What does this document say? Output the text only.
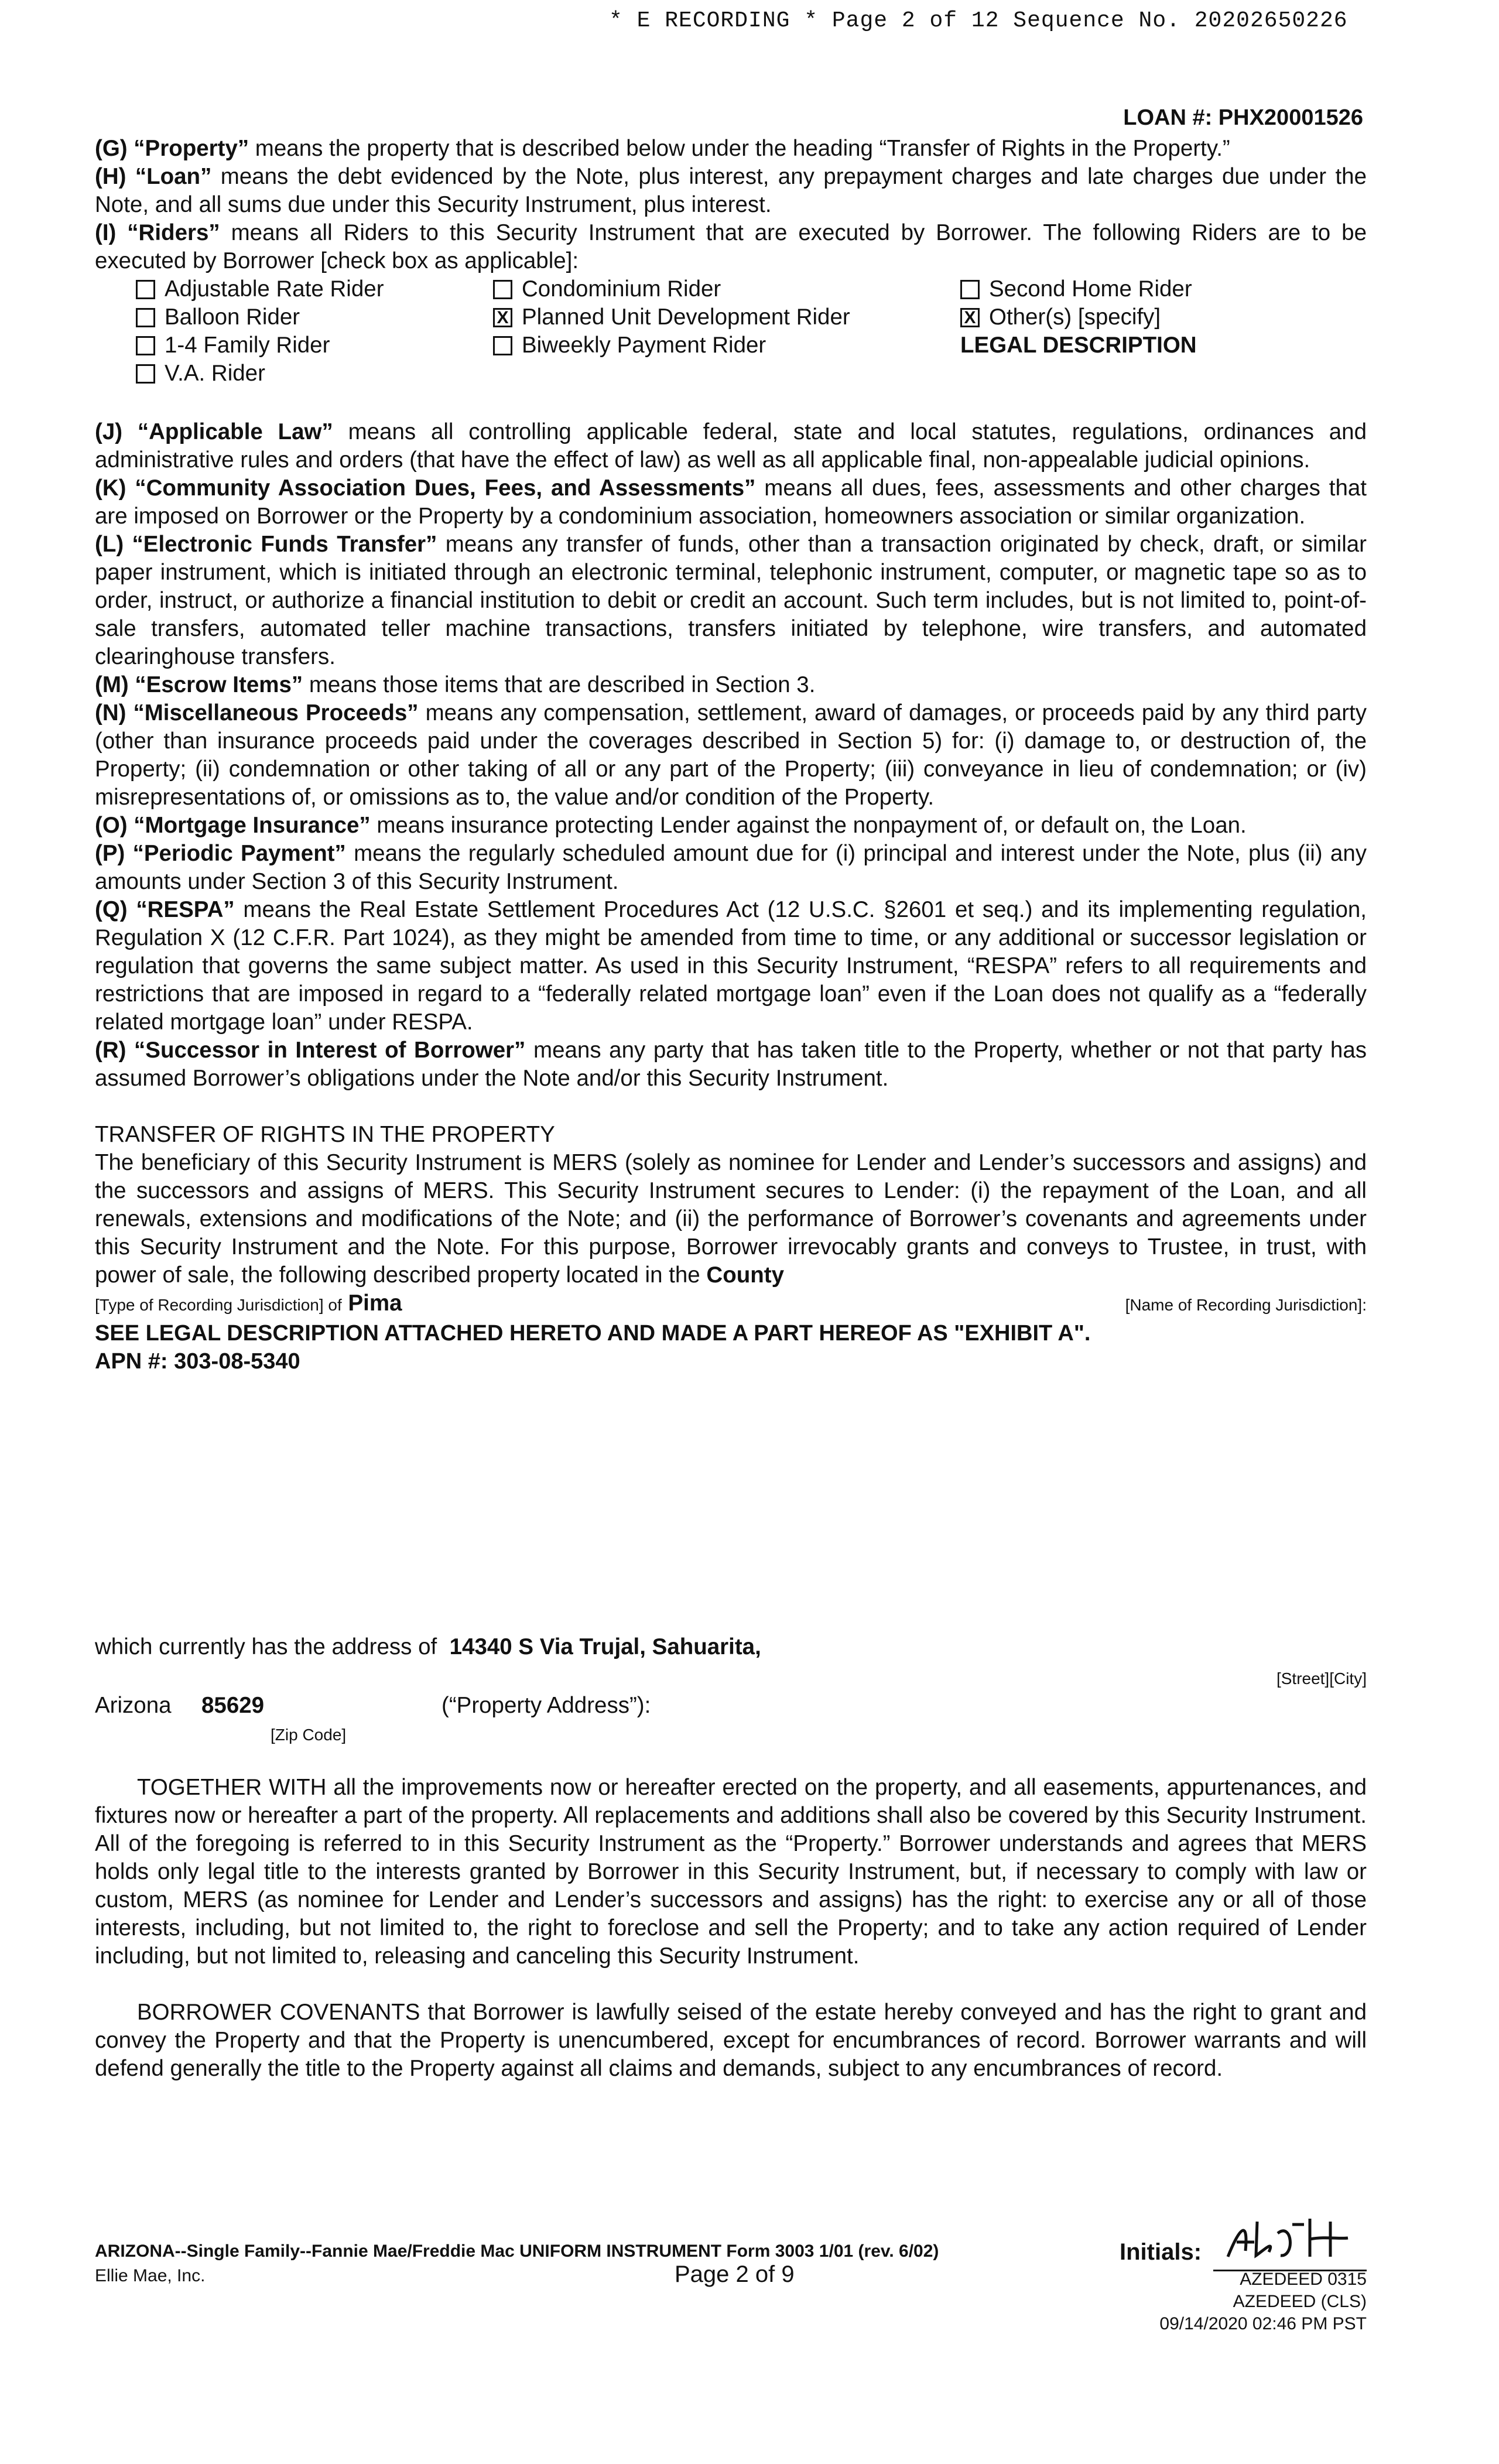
* E RECORDING * Page 2 of 12 Sequence No. 20202650226
LOAN #: PHX20001526

(G) “Property” means the property that is described below under the heading “Transfer of Rights in the Property.”

(H) “Loan” means the debt evidenced by the Note, plus interest, any prepayment charges and late charges due under the Note, and all sums due under this Security Instrument, plus interest.

(I) “Riders” means all Riders to this Security Instrument that are executed by Borrower. The following Riders are to be executed by Borrower [check box as applicable]:

Adjustable Rate Rider	Condominium Rider	Second Home Rider
Balloon Rider	X Planned Unit Development Rider	X Other(s) [specify]
1-4 Family Rider	Biweekly Payment Rider	LEGAL DESCRIPTION
V.A. Rider

(J) “Applicable Law” means all controlling applicable federal, state and local statutes, regulations, ordinances and administrative rules and orders (that have the effect of law) as well as all applicable final, non-appealable judicial opinions.

(K) “Community Association Dues, Fees, and Assessments” means all dues, fees, assessments and other charges that are imposed on Borrower or the Property by a condominium association, homeowners association or similar organization.

(L) “Electronic Funds Transfer” means any transfer of funds, other than a transaction originated by check, draft, or similar paper instrument, which is initiated through an electronic terminal, telephonic instrument, computer, or magnetic tape so as to order, instruct, or authorize a financial institution to debit or credit an account. Such term includes, but is not limited to, point-of-sale transfers, automated teller machine transactions, transfers initiated by telephone, wire transfers, and automated clearinghouse transfers.

(M) “Escrow Items” means those items that are described in Section 3.

(N) “Miscellaneous Proceeds” means any compensation, settlement, award of damages, or proceeds paid by any third party (other than insurance proceeds paid under the coverages described in Section 5) for: (i) damage to, or destruction of, the Property; (ii) condemnation or other taking of all or any part of the Property; (iii) conveyance in lieu of condemnation; or (iv) misrepresentations of, or omissions as to, the value and/or condition of the Property.

(O) “Mortgage Insurance” means insurance protecting Lender against the nonpayment of, or default on, the Loan.

(P) “Periodic Payment” means the regularly scheduled amount due for (i) principal and interest under the Note, plus (ii) any amounts under Section 3 of this Security Instrument.

(Q) “RESPA” means the Real Estate Settlement Procedures Act (12 U.S.C. §2601 et seq.) and its implementing regulation, Regulation X (12 C.F.R. Part 1024), as they might be amended from time to time, or any additional or successor legislation or regulation that governs the same subject matter. As used in this Security Instrument, “RESPA” refers to all requirements and restrictions that are imposed in regard to a “federally related mortgage loan” even if the Loan does not qualify as a “federally related mortgage loan” under RESPA.

(R) “Successor in Interest of Borrower” means any party that has taken title to the Property, whether or not that party has assumed Borrower’s obligations under the Note and/or this Security Instrument.

TRANSFER OF RIGHTS IN THE PROPERTY

The beneficiary of this Security Instrument is MERS (solely as nominee for Lender and Lender’s successors and assigns) and the successors and assigns of MERS. This Security Instrument secures to Lender: (i) the repayment of the Loan, and all renewals, extensions and modifications of the Note; and (ii) the performance of Borrower’s covenants and agreements under this Security Instrument and the Note. For this purpose, Borrower irrevocably grants and conveys to Trustee, in trust, with power of sale, the following described property located in the County

[Type of Recording Jurisdiction] of Pima	[Name of Recording Jurisdiction]:

SEE LEGAL DESCRIPTION ATTACHED HERETO AND MADE A PART HEREOF AS "EXHIBIT A".

APN #: 303-08-5340

which currently has the address of 14340 S Via Trujal, Sahuarita,
[Street][City]
Arizona 85629	(“Property Address”):
[Zip Code]

TOGETHER WITH all the improvements now or hereafter erected on the property, and all easements, appurtenances, and fixtures now or hereafter a part of the property. All replacements and additions shall also be covered by this Security Instrument. All of the foregoing is referred to in this Security Instrument as the “Property.” Borrower understands and agrees that MERS holds only legal title to the interests granted by Borrower in this Security Instrument, but, if necessary to comply with law or custom, MERS (as nominee for Lender and Lender’s successors and assigns) has the right: to exercise any or all of those interests, including, but not limited to, the right to foreclose and sell the Property; and to take any action required of Lender including, but not limited to, releasing and canceling this Security Instrument.

BORROWER COVENANTS that Borrower is lawfully seised of the estate hereby conveyed and has the right to grant and convey the Property and that the Property is unencumbered, except for encumbrances of record. Borrower warrants and will defend generally the title to the Property against all claims and demands, subject to any encumbrances of record.

ARIZONA--Single Family--Fannie Mae/Freddie Mac UNIFORM INSTRUMENT Form 3003 1/01 (rev. 6/02)
Ellie Mae, Inc.	Page 2 of 9
Initials:
AZEDEED 0315
AZEDEED (CLS)
09/14/2020 02:46 PM PST
